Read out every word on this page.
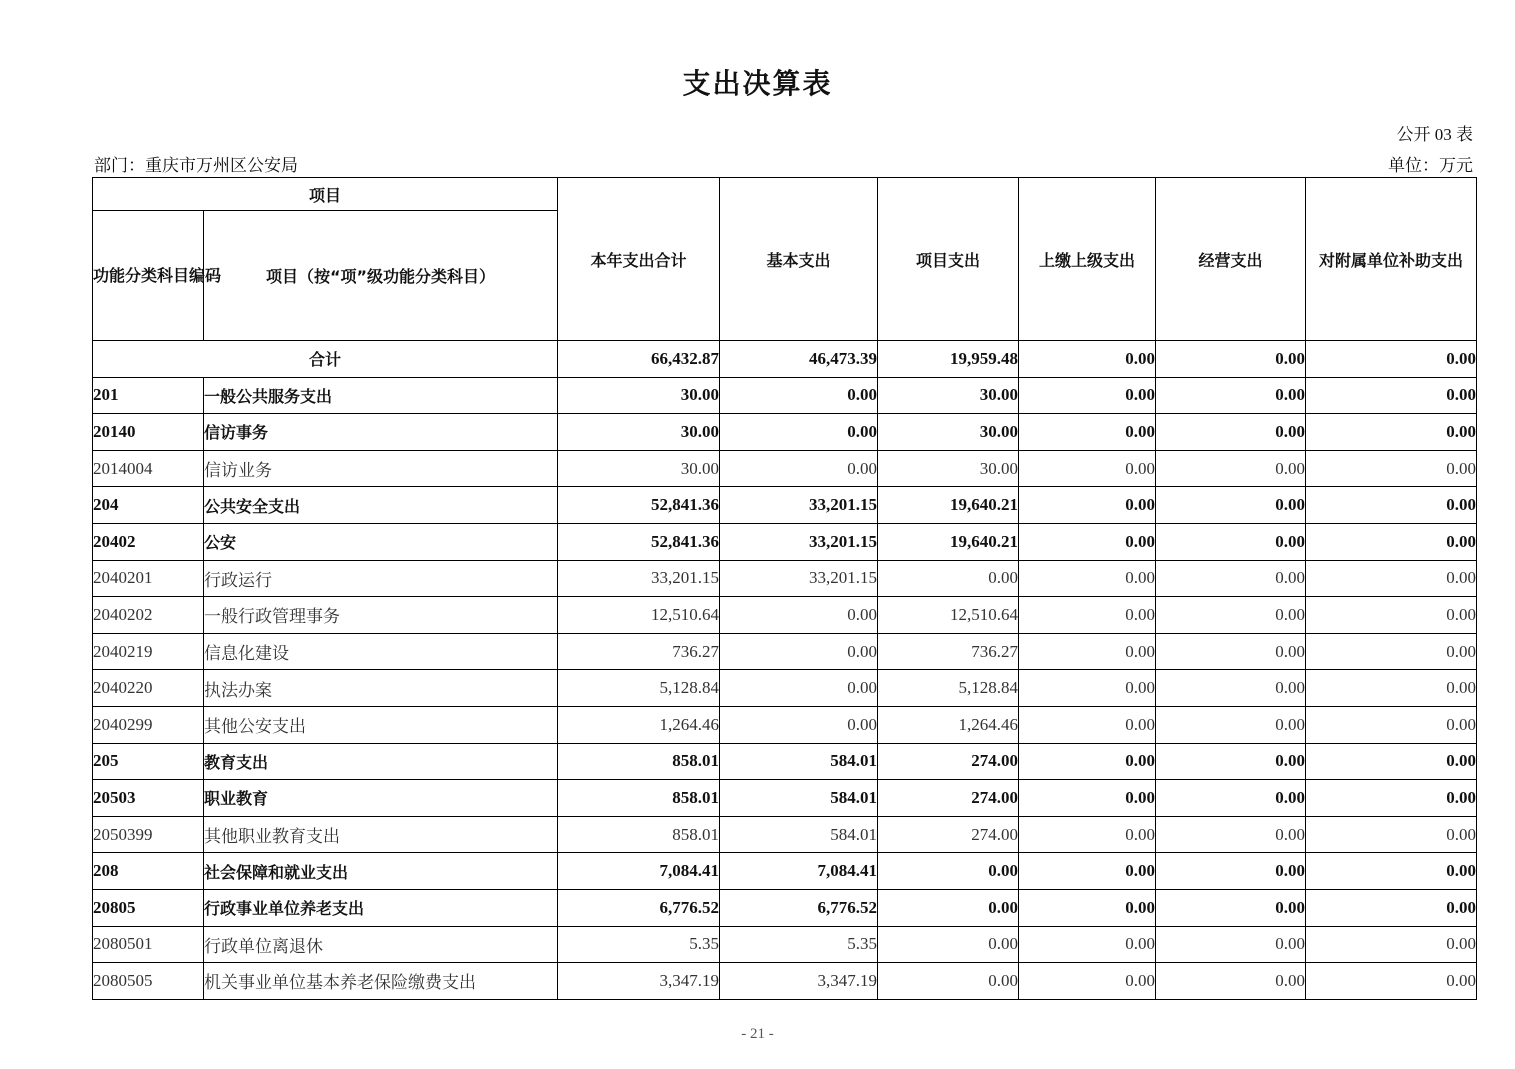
支出决算表
公开 03 表
部门：重庆市万州区公安局	单位：万元
项目		本年支出合计	基本支出	项目支出	上缴上级支出	经营支出	对附属单位补助支出
功能分类科目编码	项目（按“项”级功能分类科目）						
合计		66,432.87	46,473.39	19,959.48	0.00	0.00	0.00
201	一般公共服务支出	30.00	0.00	30.00	0.00	0.00	0.00
20140	信访事务	30.00	0.00	30.00	0.00	0.00	0.00
2014004	信访业务	30.00	0.00	30.00	0.00	0.00	0.00
204	公共安全支出	52,841.36	33,201.15	19,640.21	0.00	0.00	0.00
20402	公安	52,841.36	33,201.15	19,640.21	0.00	0.00	0.00
2040201	行政运行	33,201.15	33,201.15	0.00	0.00	0.00	0.00
2040202	一般行政管理事务	12,510.64	0.00	12,510.64	0.00	0.00	0.00
2040219	信息化建设	736.27	0.00	736.27	0.00	0.00	0.00
2040220	执法办案	5,128.84	0.00	5,128.84	0.00	0.00	0.00
2040299	其他公安支出	1,264.46	0.00	1,264.46	0.00	0.00	0.00
205	教育支出	858.01	584.01	274.00	0.00	0.00	0.00
20503	职业教育	858.01	584.01	274.00	0.00	0.00	0.00
2050399	其他职业教育支出	858.01	584.01	274.00	0.00	0.00	0.00
208	社会保障和就业支出	7,084.41	7,084.41	0.00	0.00	0.00	0.00
20805	行政事业单位养老支出	6,776.52	6,776.52	0.00	0.00	0.00	0.00
2080501	行政单位离退休	5.35	5.35	0.00	0.00	0.00	0.00
2080505	机关事业单位基本养老保险缴费支出	3,347.19	3,347.19	0.00	0.00	0.00	0.00
- 21 -
